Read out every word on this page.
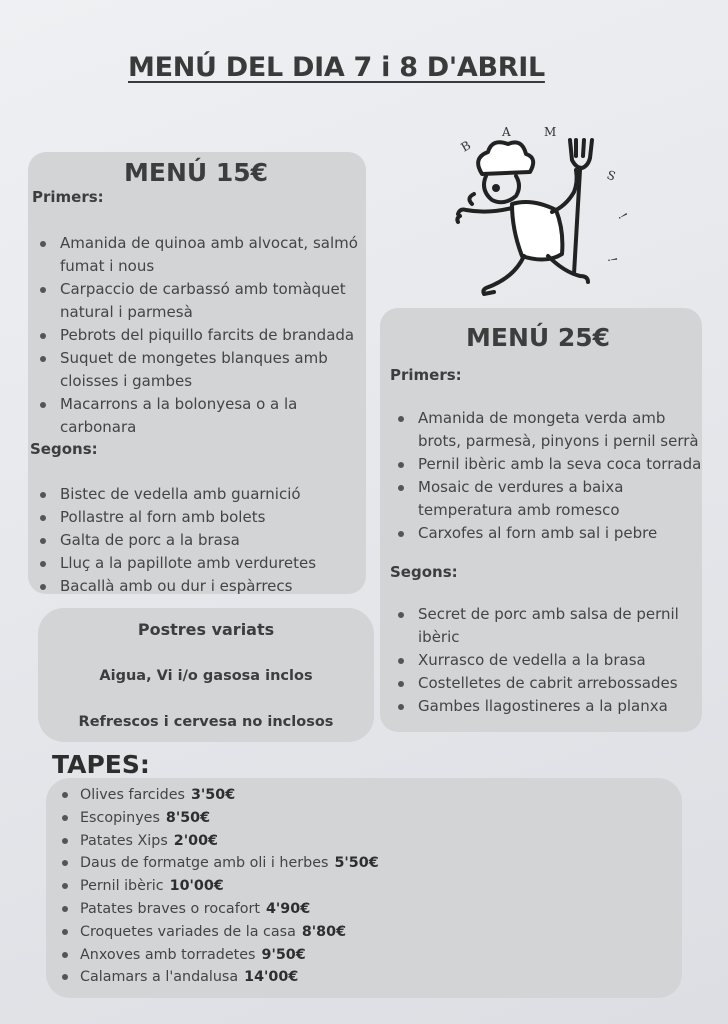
MENÚ DEL DIA 7 i 8 D'ABRIL
B
A	M
S
!
!
MENÚ 15€
Primers:
Amanida de quinoa amb alvocat, salmó
fumat i nous
Carpaccio de carbassó amb tomàquet
natural i parmesà
Pebrots del piquillo farcits de brandada
Suquet de mongetes blanques amb
cloisses i gambes
Macarrons a la bolonyesa o a la
carbonara
Segons:
Bistec de vedella amb guarnició
Pollastre al forn amb bolets
Galta de porc a la brasa
Lluç a la papillote amb verduretes
Bacallà amb ou dur i espàrrecs
Postres variats
Aigua, Vi i/o gasosa inclos
Refrescos i cervesa no inclosos
MENÚ 25€
Primers:
Amanida de mongeta verda amb
brots, parmesà, pinyons i pernil serrà
Pernil ibèric amb la seva coca torrada
Mosaic de verdures a baixa
temperatura amb romesco
Carxofes al forn amb sal i pebre
Segons:
Secret de porc amb salsa de pernil
ibèric
Xurrasco de vedella a la brasa
Costelletes de cabrit arrebossades
Gambes llagostineres a la planxa
TAPES:
Olives farcides 3'50€
Escopinyes 8'50€
Patates Xips 2'00€
Daus de formatge amb oli i herbes 5'50€
Pernil ibèric 10'00€
Patates braves o rocafort 4'90€
Croquetes variades de la casa 8'80€
Anxoves amb torradetes 9'50€
Calamars a l'andalusa 14'00€
